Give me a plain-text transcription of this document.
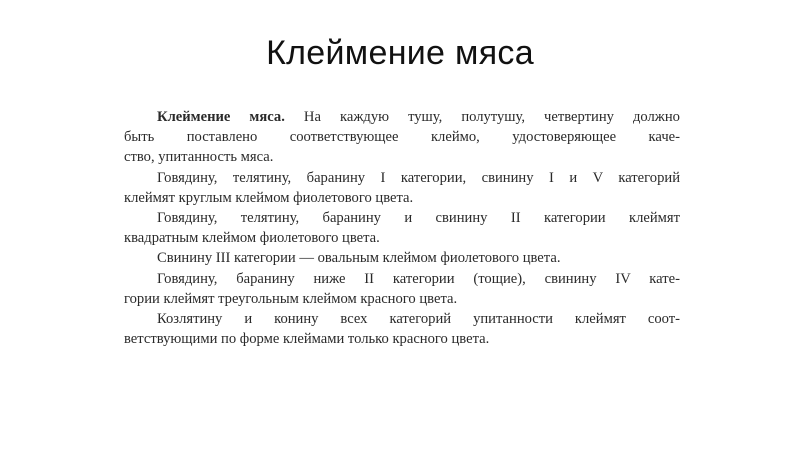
Клеймение мяса
Клеймение мяса. На каждую тушу, полутушу, четвертину должно
быть поставлено соответствующее клеймо, удостоверяющее каче-
ство, упитанность мяса.
Говядину, телятину, баранину I категории, свинину I и V категорий
клеймят круглым клеймом фиолетового цвета.
Говядину, телятину, баранину и свинину II категории клеймят
квадратным клеймом фиолетового цвета.
Свинину III категории — овальным клеймом фиолетового цвета.
Говядину, баранину ниже II категории (тощие), свинину IV кате-
гории клеймят треугольным клеймом красного цвета.
Козлятину и конину всех категорий упитанности клеймят соот-
ветствующими по форме клеймами только красного цвета.
